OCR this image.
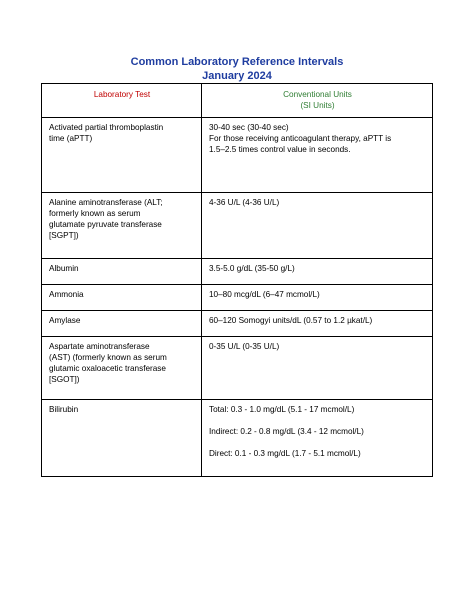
Common Laboratory Reference Intervals
January 2024
Laboratory Test	Conventional Units
(SI Units)

Activated partial thromboplastin
time (aPTT)	30-40 sec (30-40 sec)
For those receiving anticoagulant therapy, aPTT is
1.5–2.5 times control value in seconds.

Alanine aminotransferase (ALT;
formerly known as serum
glutamate pyruvate transferase
[SGPT])	4-36 U/L (4-36 U/L)

Albumin	3.5-5.0 g/dL (35-50 g/L)

Ammonia	10–80 mcg/dL (6–47 mcmol/L)

Amylase	60–120 Somogyi units/dL (0.57 to 1.2 µkat/L)

Aspartate aminotransferase
(AST) (formerly known as serum
glutamic oxaloacetic transferase
[SGOT])	0-35 U/L (0-35 U/L)

Bilirubin	Total: 0.3 - 1.0 mg/dL (5.1 - 17 mcmol/L)
Indirect: 0.2 - 0.8 mg/dL (3.4 - 12 mcmol/L)
Direct: 0.1 - 0.3 mg/dL (1.7 - 5.1 mcmol/L)
